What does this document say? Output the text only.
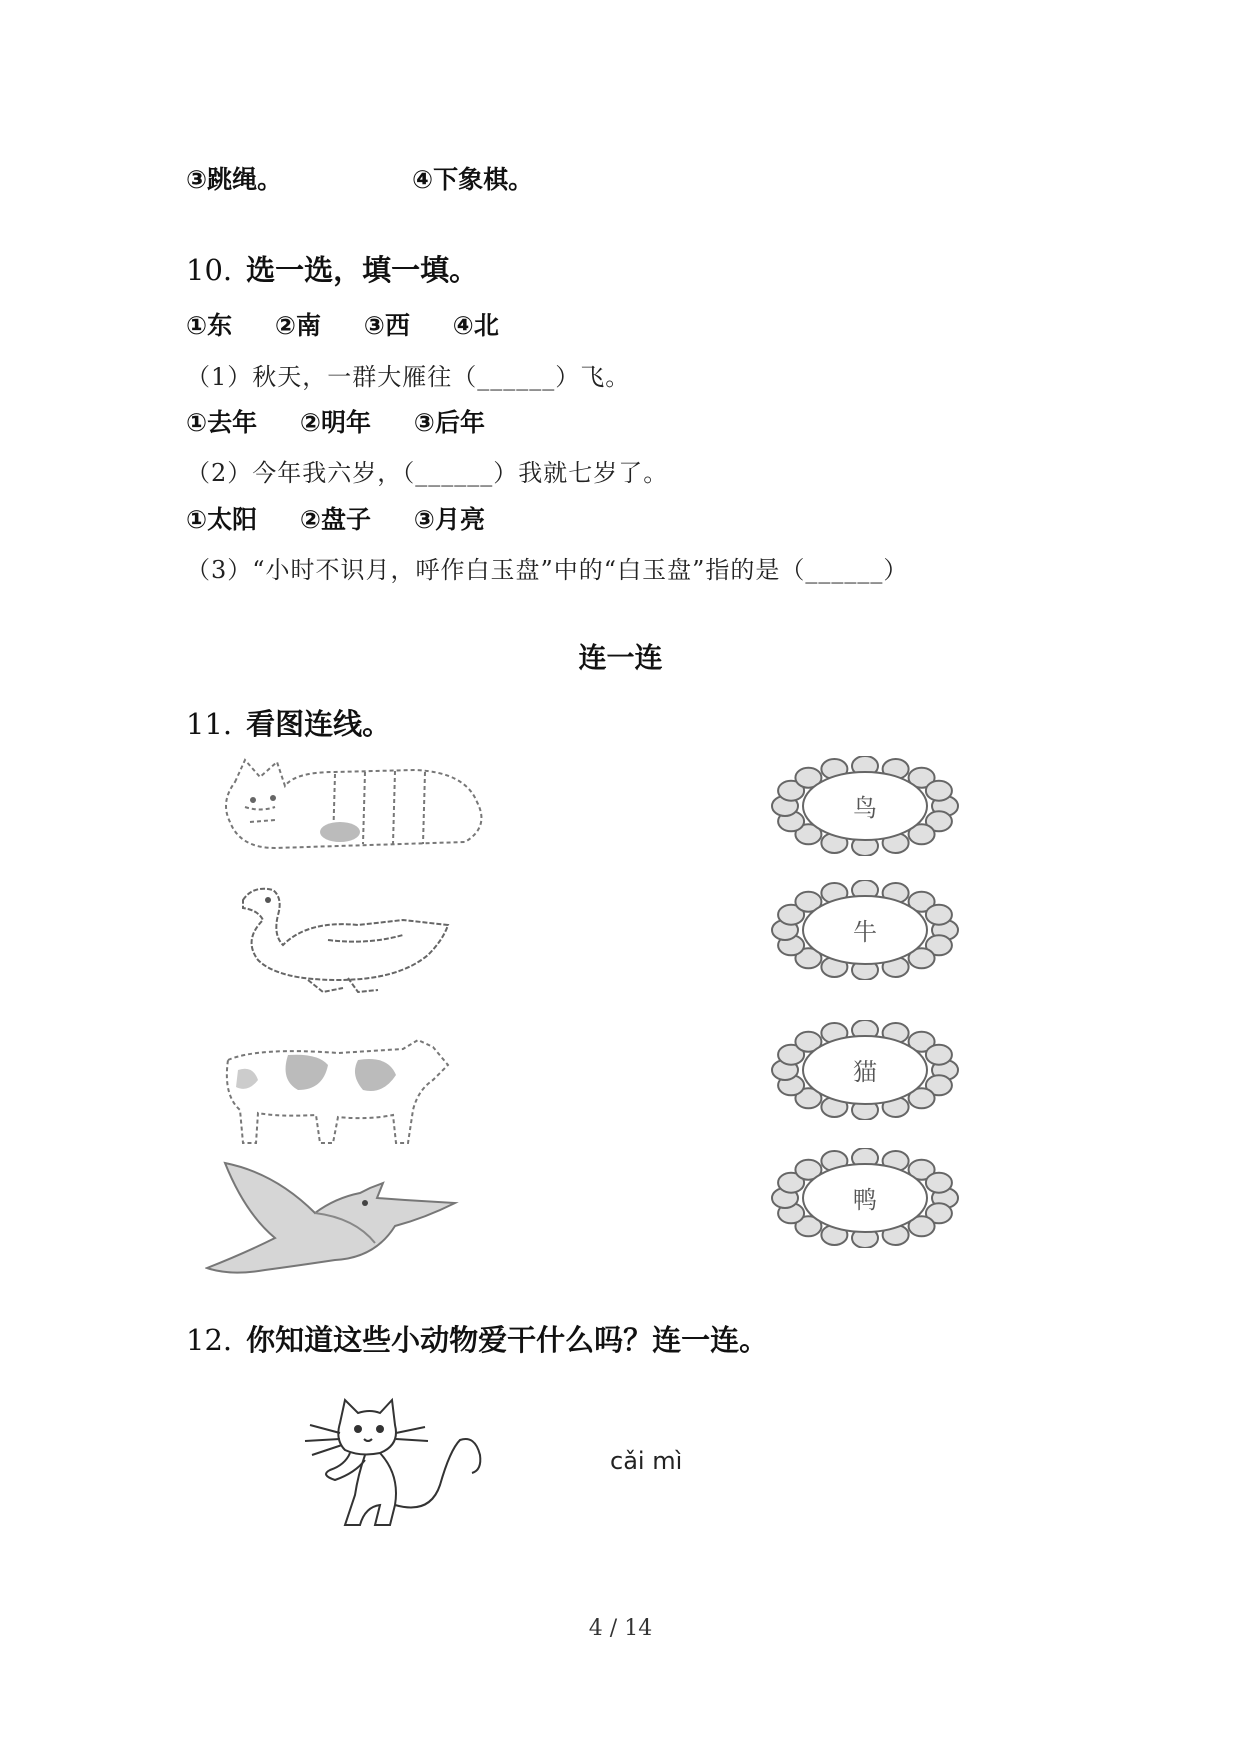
③跳绳。	④下象棋。
10. 选一选，填一填。
①东 ②南 ③西 ④北
（1）秋天，一群大雁往（______）飞。
①去年 ②明年 ③后年
（2）今年我六岁，（______）我就七岁了。
①太阳 ②盘子 ③月亮
（3）“小时不识月，呼作白玉盘”中的“白玉盘”指的是（______）
连一连
11. 看图连线。
鸟
牛
猫
鸭
12. 你知道这些小动物爱干什么吗？连一连。
cǎi mì
4 / 14
